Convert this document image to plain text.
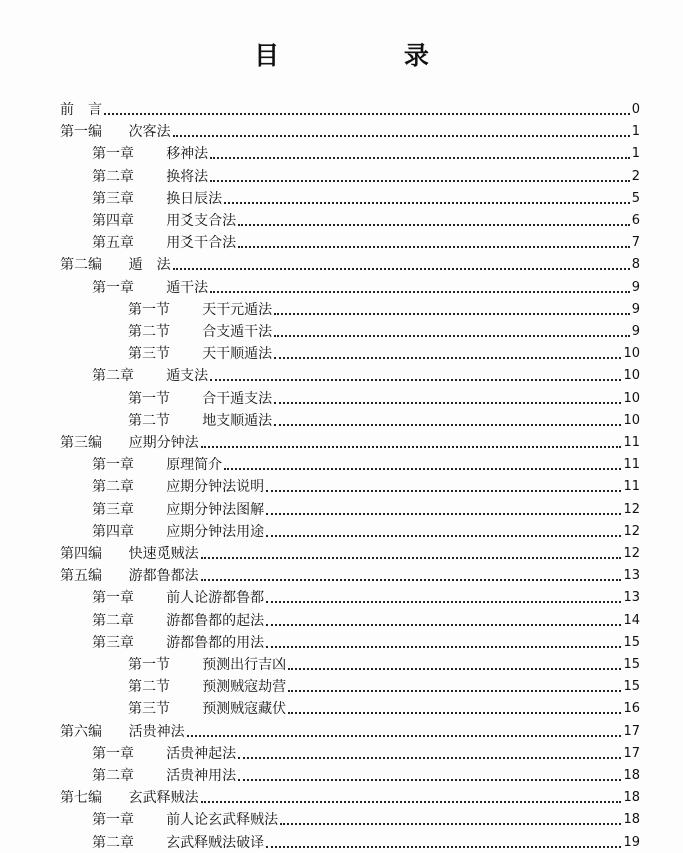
目 录
前　言	0
第一编	次客法	1
第一章	移神法	1
第二章	换将法	2
第三章	换日辰法	5
第四章	用爻支合法	6
第五章	用爻干合法	7
第二编	遁　法	8
第一章	遁干法	9
第一节	天干元遁法	9
第二节	合支遁干法	9
第三节	天干顺遁法	10
第二章	遁支法	10
第一节	合干遁支法	10
第二节	地支顺遁法	10
第三编	应期分钟法	11
第一章	原理简介	11
第二章	应期分钟法说明	11
第三章	应期分钟法图解	12
第四章	应期分钟法用途	12
第四编	快速觅贼法	12
第五编	游都鲁都法	13
第一章	前人论游都鲁都	13
第二章	游都鲁都的起法	14
第三章	游都鲁都的用法	15
第一节	预测出行吉凶	15
第二节	预测贼寇劫营	15
第三节	预测贼寇藏伏	16
第六编	活贵神法	17
第一章	活贵神起法	17
第二章	活贵神用法	18
第七编	玄武释贼法	18
第一章	前人论玄武释贼法	18
第二章	玄武释贼法破译	19
